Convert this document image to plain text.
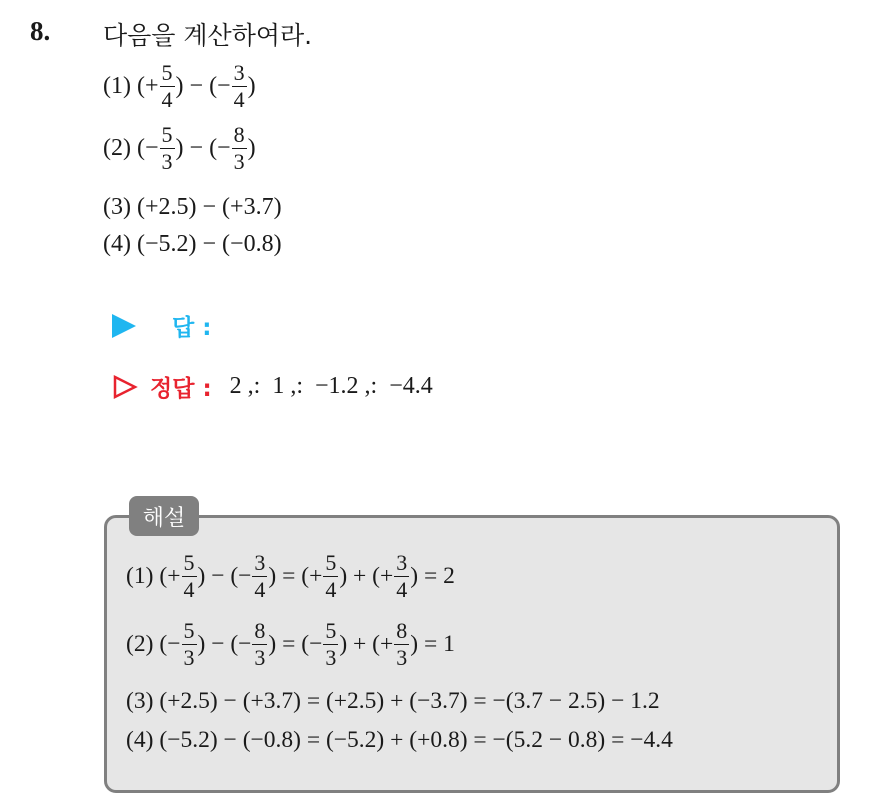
8. 다음을 계산하여라.
(1) (+ $\frac{5}{4}$ ) − (− $\frac{3}{4}$ )
(2) (− $\frac{5}{3}$ ) − (− $\frac{8}{3}$ )
(3) (+2.5) − (+3.7)
(4) (−5.2) − (−0.8)
답 :
정답 : 2 ,:  1 ,:  −1.2 ,:  −4.4
해설
(1) (+ $\frac{5}{4}$ ) − (− $\frac{3}{4}$ ) = (+ $\frac{5}{4}$ ) + (+ $\frac{3}{4}$ ) = 2
(2) (− $\frac{5}{3}$ ) − (− $\frac{8}{3}$ ) = (− $\frac{5}{3}$ ) + (+ $\frac{8}{3}$ ) = 1
(3) (+2.5) − (+3.7) = (+2.5) + (−3.7) = −(3.7 − 2.5) − 1.2
(4) (−5.2) − (−0.8) = (−5.2) + (+0.8) = −(5.2 − 0.8) = −4.4
